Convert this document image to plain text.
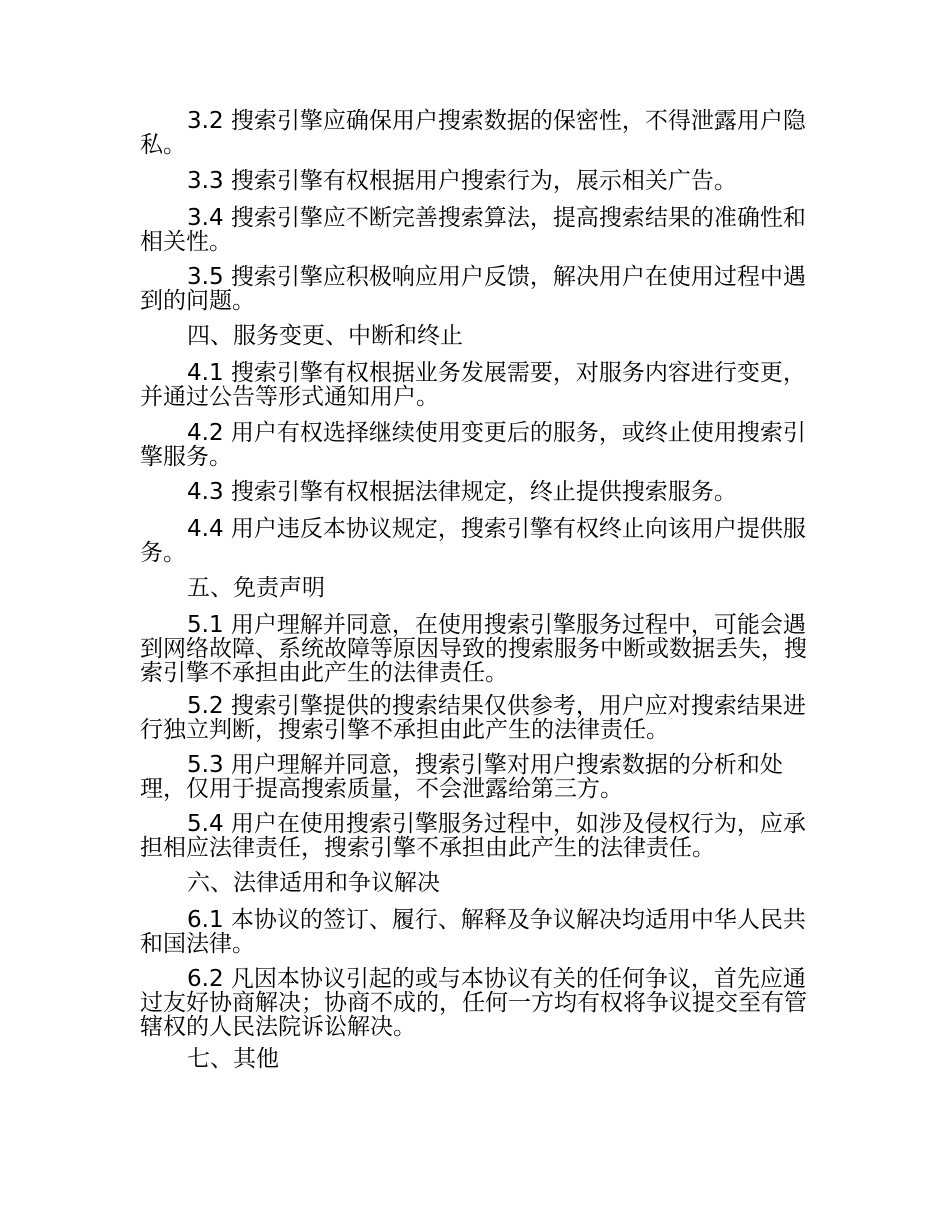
3.2 搜索引擎应确保用户搜索数据的保密性，不得泄露用户隐私。

3.3 搜索引擎有权根据用户搜索行为，展示相关广告。

3.4 搜索引擎应不断完善搜索算法，提高搜索结果的准确性和相关性。

3.5 搜索引擎应积极响应用户反馈，解决用户在使用过程中遇到的问题。

四、服务变更、中断和终止

4.1 搜索引擎有权根据业务发展需要，对服务内容进行变更，并通过公告等形式通知用户。

4.2 用户有权选择继续使用变更后的服务，或终止使用搜索引擎服务。

4.3 搜索引擎有权根据法律规定，终止提供搜索服务。

4.4 用户违反本协议规定，搜索引擎有权终止向该用户提供服务。

五、免责声明

5.1 用户理解并同意，在使用搜索引擎服务过程中，可能会遇到网络故障、系统故障等原因导致的搜索服务中断或数据丢失，搜索引擎不承担由此产生的法律责任。

5.2 搜索引擎提供的搜索结果仅供参考，用户应对搜索结果进行独立判断，搜索引擎不承担由此产生的法律责任。

5.3 用户理解并同意，搜索引擎对用户搜索数据的分析和处理，仅用于提高搜索质量，不会泄露给第三方。

5.4 用户在使用搜索引擎服务过程中，如涉及侵权行为，应承担相应法律责任，搜索引擎不承担由此产生的法律责任。

六、法律适用和争议解决

6.1 本协议的签订、履行、解释及争议解决均适用中华人民共和国法律。

6.2 凡因本协议引起的或与本协议有关的任何争议，首先应通过友好协商解决；协商不成的，任何一方均有权将争议提交至有管辖权的人民法院诉讼解决。

七、其他
